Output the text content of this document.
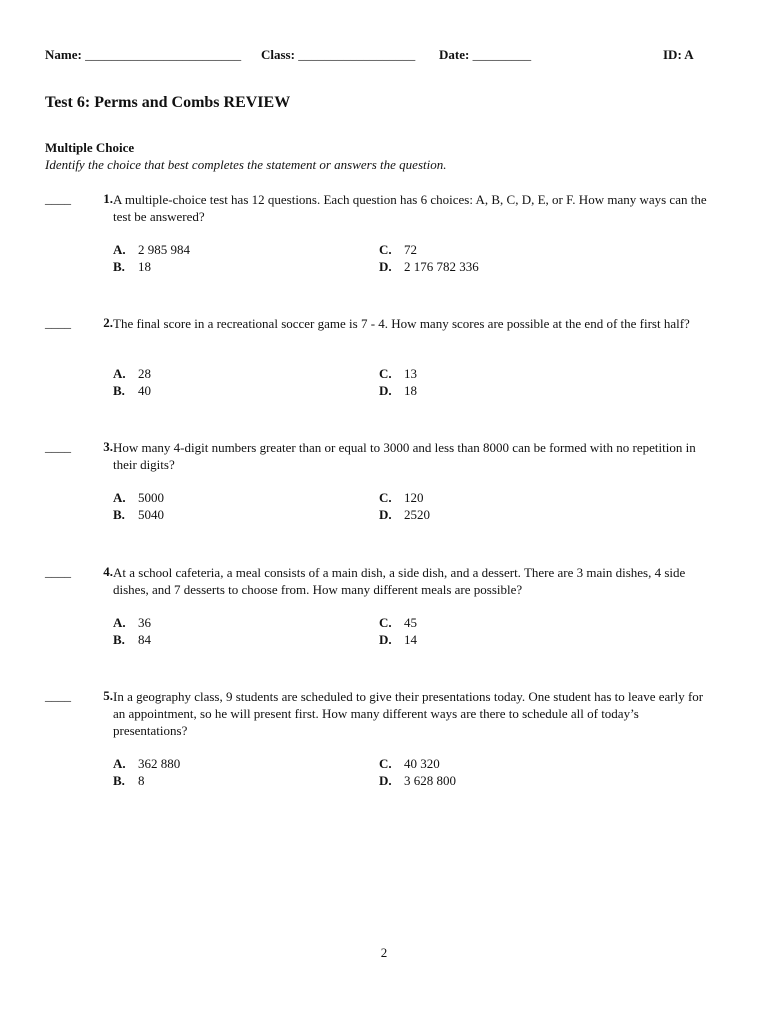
Name: ________________________ Class: __________________ Date: _________	ID: A
Test 6: Perms and Combs REVIEW
Multiple Choice
Identify the choice that best completes the statement or answers the question.
____	1. A multiple-choice test has 12 questions. Each question has 6 choices: A, B, C, D, E, or F. How many ways can the test be answered?
A. 2 985 984
B. 18
C. 72
D. 2 176 782 336
____	2. The final score in a recreational soccer game is 7 - 4. How many scores are possible at the end of the first half?
A. 28
B. 40
C. 13
D. 18
____	3. How many 4-digit numbers greater than or equal to 3000 and less than 8000 can be formed with no repetition in their digits?
A. 5000
B. 5040
C. 120
D. 2520
____	4. At a school cafeteria, a meal consists of a main dish, a side dish, and a dessert. There are 3 main dishes, 4 side dishes, and 7 desserts to choose from. How many different meals are possible?
A. 36
B. 84
C. 45
D. 14
____	5. In a geography class, 9 students are scheduled to give their presentations today. One student has to leave early for an appointment, so he will present first. How many different ways are there to schedule all of today’s presentations?
A. 362 880
B. 8
C. 40 320
D. 3 628 800
2
